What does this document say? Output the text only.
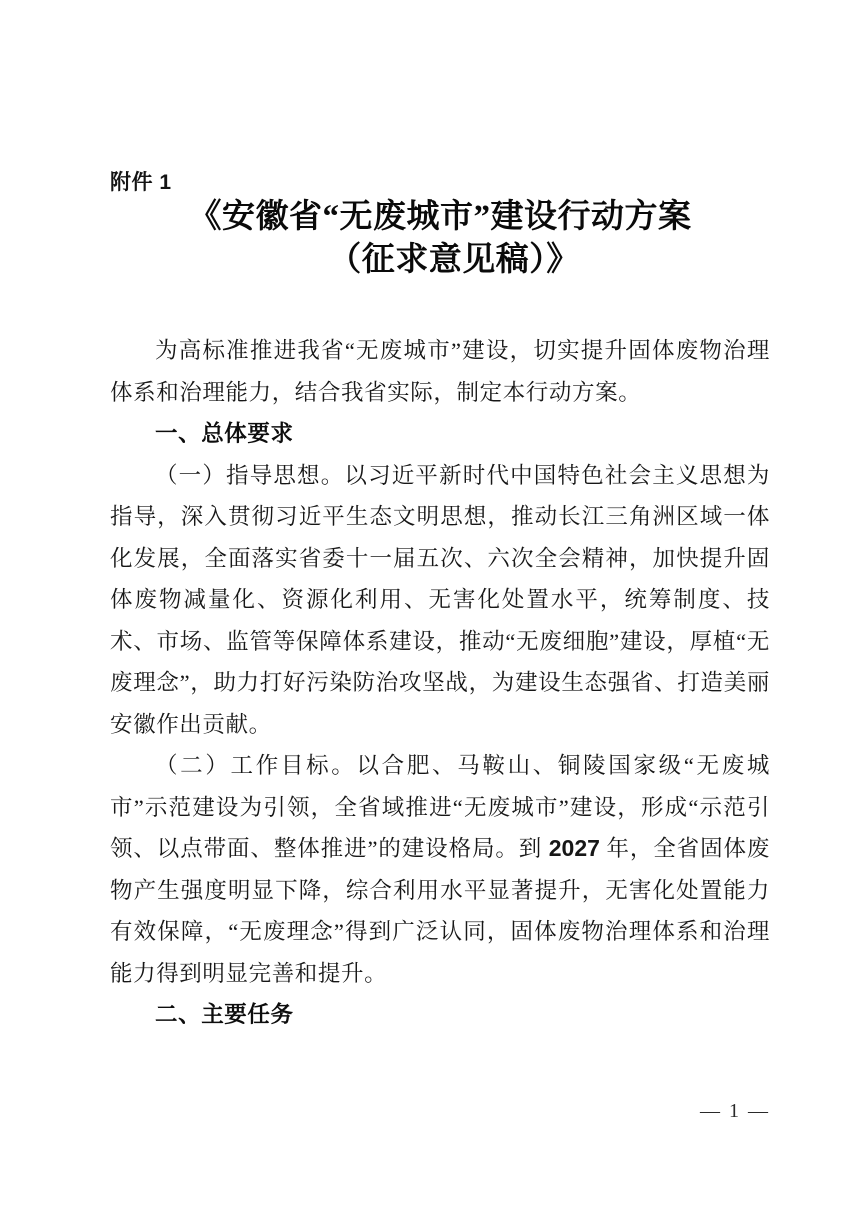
附件 1
《安徽省“无废城市”建设行动方案
（征求意见稿）》

为高标准推进我省“无废城市”建设，切实提升固体废物治理体系和治理能力，结合我省实际，制定本行动方案。

一、总体要求

（一）指导思想。以习近平新时代中国特色社会主义思想为指导，深入贯彻习近平生态文明思想，推动长江三角洲区域一体化发展，全面落实省委十一届五次、六次全会精神，加快提升固体废物减量化、资源化利用、无害化处置水平，统筹制度、技术、市场、监管等保障体系建设，推动“无废细胞”建设，厚植“无废理念”，助力打好污染防治攻坚战，为建设生态强省、打造美丽安徽作出贡献。

（二）工作目标。以合肥、马鞍山、铜陵国家级“无废城市”示范建设为引领，全省域推进“无废城市”建设，形成“示范引领、以点带面、整体推进”的建设格局。到 2027 年，全省固体废物产生强度明显下降，综合利用水平显著提升，无害化处置能力有效保障，“无废理念”得到广泛认同，固体废物治理体系和治理能力得到明显完善和提升。

二、主要任务
— 1 —
